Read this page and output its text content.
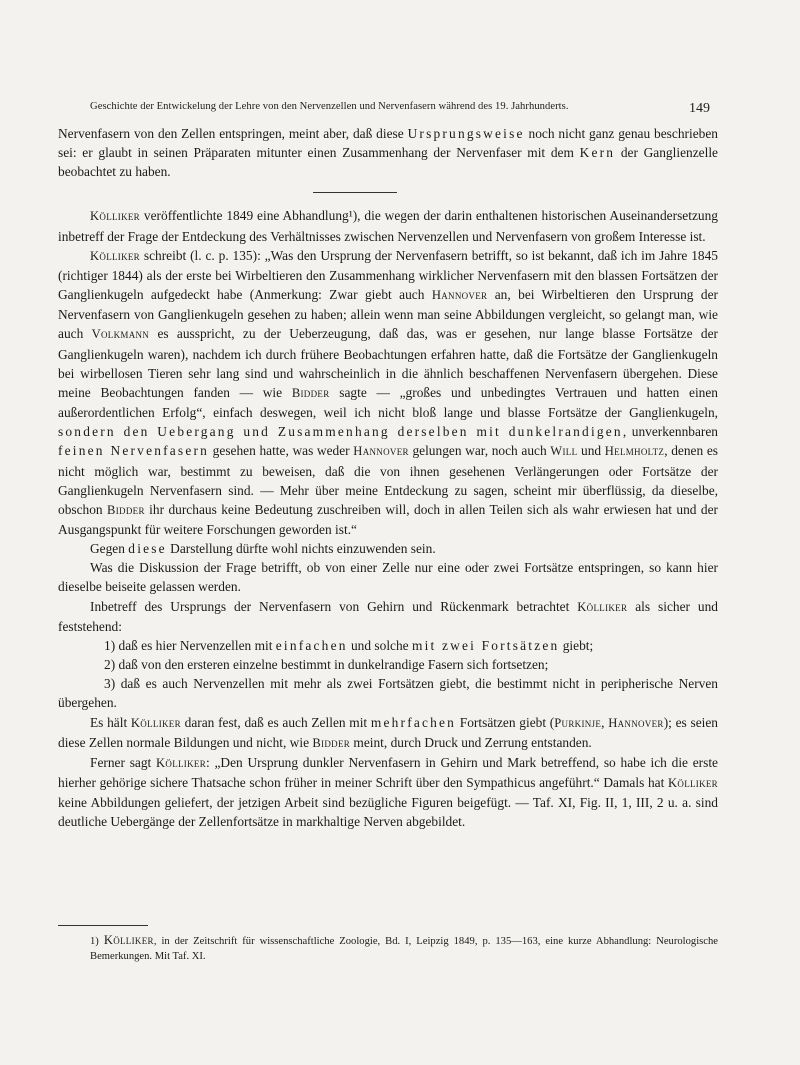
Geschichte der Entwickelung der Lehre von den Nervenzellen und Nervenfasern während des 19. Jahrhunderts.	149

Nervenfasern von den Zellen entspringen, meint aber, daß diese Ursprungsweise noch nicht ganz genau beschrieben sei: er glaubt in seinen Präparaten mitunter einen Zusammenhang der Nervenfaser mit dem Kern der Ganglienzelle beobachtet zu haben.

Kölliker veröffentlichte 1849 eine Abhandlung¹), die wegen der darin enthaltenen historischen Auseinandersetzung inbetreff der Frage der Entdeckung des Verhältnisses zwischen Nervenzellen und Nervenfasern von großem Interesse ist.

Kölliker schreibt (l. c. p. 135): „Was den Ursprung der Nervenfasern betrifft, so ist bekannt, daß ich im Jahre 1845 (richtiger 1844) als der erste bei Wirbeltieren den Zusammenhang wirklicher Nervenfasern mit den blassen Fortsätzen der Ganglienkugeln aufgedeckt habe (Anmerkung: Zwar giebt auch Hannover an, bei Wirbeltieren den Ursprung der Nervenfasern von Ganglienkugeln gesehen zu haben; allein wenn man seine Abbildungen vergleicht, so gelangt man, wie auch Volkmann es ausspricht, zu der Ueberzeugung, daß das, was er gesehen, nur lange blasse Fortsätze der Ganglienkugeln waren), nachdem ich durch frühere Beobachtungen erfahren hatte, daß die Fortsätze der Ganglienkugeln bei wirbellosen Tieren sehr lang sind und wahrscheinlich in die ähnlich beschaffenen Nervenfasern übergehen. Diese meine Beobachtungen fanden — wie Bidder sagte — „großes und unbedingtes Vertrauen und hatten einen außerordentlichen Erfolg“, einfach deswegen, weil ich nicht bloß lange und blasse Fortsätze der Ganglienkugeln, sondern den Uebergang und Zusammenhang derselben mit dunkelrandigen, unverkennbaren feinen Nervenfasern gesehen hatte, was weder Hannover gelungen war, noch auch Will und Helmholtz, denen es nicht möglich war, bestimmt zu beweisen, daß die von ihnen gesehenen Verlängerungen oder Fortsätze der Ganglienkugeln Nervenfasern sind. — Mehr über meine Entdeckung zu sagen, scheint mir überflüssig, da dieselbe, obschon Bidder ihr durchaus keine Bedeutung zuschreiben will, doch in allen Teilen sich als wahr erwiesen hat und der Ausgangspunkt für weitere Forschungen geworden ist.“

Gegen diese Darstellung dürfte wohl nichts einzuwenden sein.

Was die Diskussion der Frage betrifft, ob von einer Zelle nur eine oder zwei Fortsätze entspringen, so kann hier dieselbe beiseite gelassen werden.

Inbetreff des Ursprungs der Nervenfasern von Gehirn und Rückenmark betrachtet Kölliker als sicher und feststehend:

1) daß es hier Nervenzellen mit einfachen und solche mit zwei Fortsätzen giebt;

2) daß von den ersteren einzelne bestimmt in dunkelrandige Fasern sich fortsetzen;

3) daß es auch Nervenzellen mit mehr als zwei Fortsätzen giebt, die bestimmt nicht in peripherische Nerven übergehen.

Es hält Kölliker daran fest, daß es auch Zellen mit mehrfachen Fortsätzen giebt (Purkinje, Hannover); es seien diese Zellen normale Bildungen und nicht, wie Bidder meint, durch Druck und Zerrung entstanden.

Ferner sagt Kölliker: „Den Ursprung dunkler Nervenfasern in Gehirn und Mark betreffend, so habe ich die erste hierher gehörige sichere Thatsache schon früher in meiner Schrift über den Sympathicus angeführt.“ Damals hat Kölliker keine Abbildungen geliefert, der jetzigen Arbeit sind bezügliche Figuren beigefügt. — Taf. XI, Fig. II, 1, III, 2 u. a. sind deutliche Uebergänge der Zellenfortsätze in markhaltige Nerven abgebildet.

1) Kölliker, in der Zeitschrift für wissenschaftliche Zoologie, Bd. I, Leipzig 1849, p. 135—163, eine kurze Abhandlung: Neurologische Bemerkungen. Mit Taf. XI.
